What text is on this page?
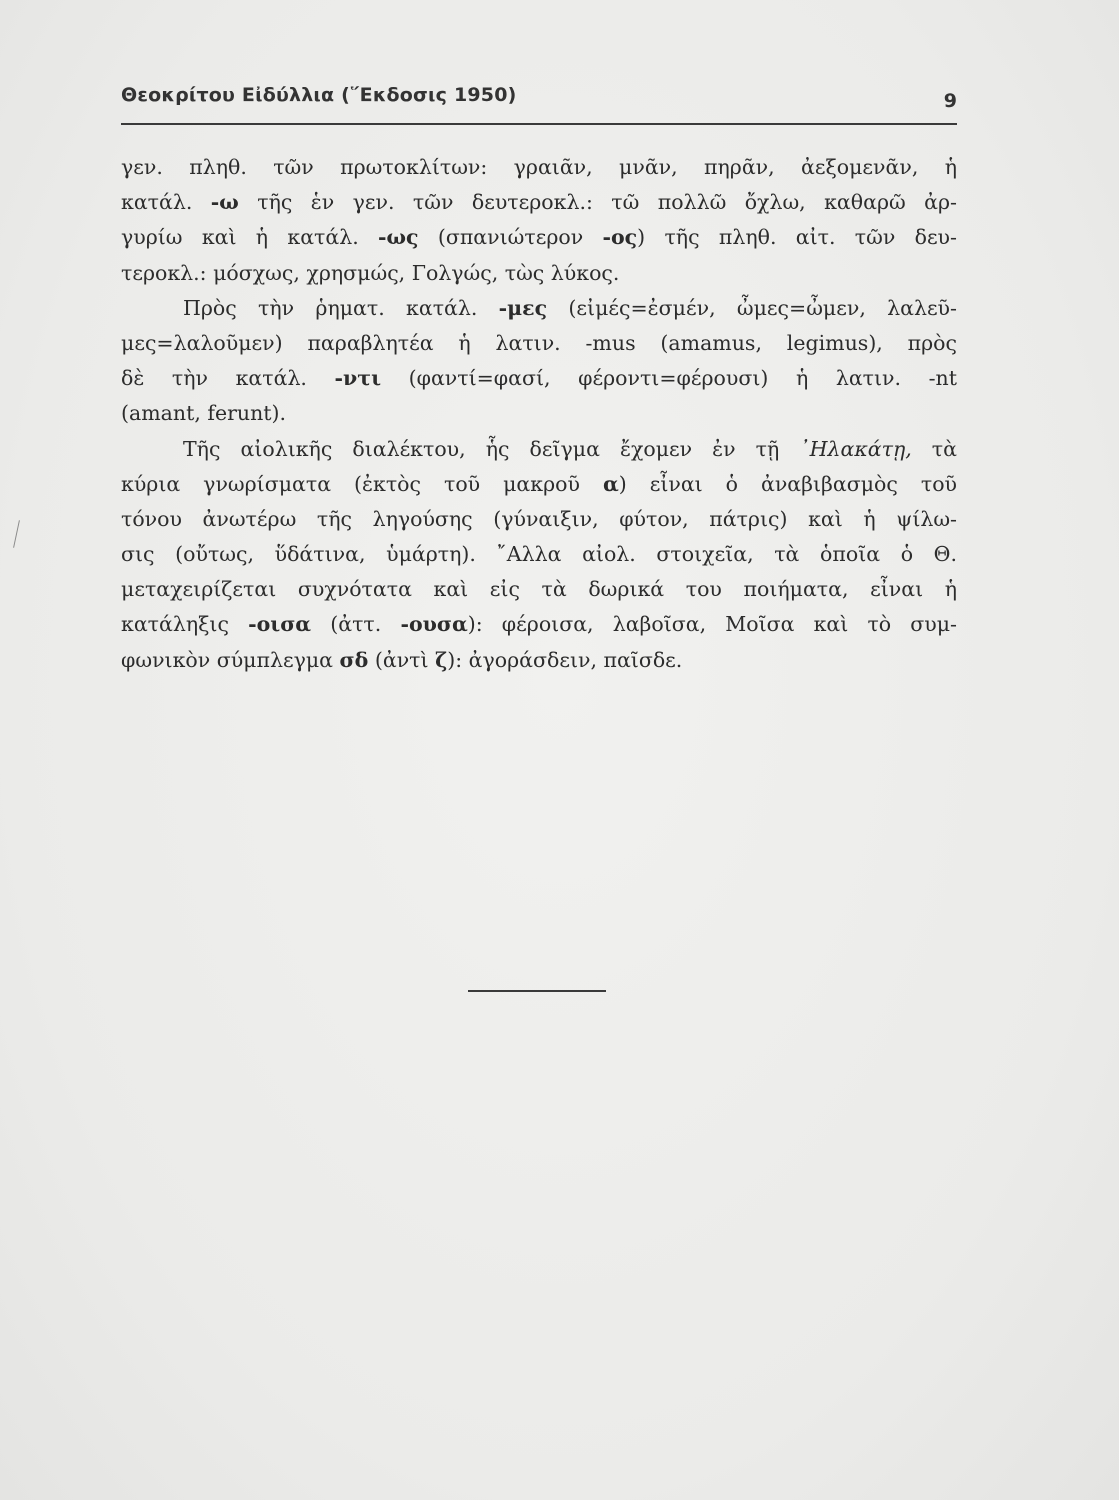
Θεοκρίτου Εἰδύλλια (῞Εκδοσις 1950)	9
γεν. πληθ. τῶν πρωτοκλίτων: γραιᾶν, μνᾶν, πηρᾶν, ἀεξομενᾶν, ἡ
κατάλ. -ω τῆς ἑν γεν. τῶν δευτεροκλ.: τῶ πολλῶ ὄχλω, καθαρῶ ἀρ-
γυρίω καὶ ἡ κατάλ. -ως (σπανιώτερον -ος) τῆς πληθ. αἰτ. τῶν δευ-
τεροκλ.: μόσχως, χρησμώς, Γολγώς, τὼς λύκος.
Πρὸς τὴν ῥηματ. κατάλ. -μες (εἰμές=ἐσμέν, ὦμες=ὦμεν, λαλεῦ-
μες=λαλοῦμεν) παραβλητέα ἡ λατιν. -mus (amamus, legimus), πρὸς
δὲ τὴν κατάλ. -ντι (φαντί=φασί, φέροντι=φέρουσι) ἡ λατιν. -nt
(amant, ferunt).
Τῆς αἰολικῆς διαλέκτου, ἧς δεῖγμα ἔχομεν ἐν τῇ ᾿Ηλακάτῃ, τὰ
κύρια γνωρίσματα (ἐκτὸς τοῦ μακροῦ α) εἶναι ὁ ἀναβιβασμὸς τοῦ
τόνου ἀνωτέρω τῆς ληγούσης (γύναιξιν, φύτον, πάτρις) καὶ ἡ ψίλω-
σις (οὔτως, ὕδάτινα, ὑμάρτη). ῎Αλλα αἰολ. στοιχεῖα, τὰ ὁποῖα ὁ Θ.
μεταχειρίζεται συχνότατα καὶ εἰς τὰ δωρικά του ποιήματα, εἶναι ἡ
κατάληξις -οισα (ἀττ. -ουσα): φέροισα, λαβοῖσα, Μοῖσα καὶ τὸ συμ-
φωνικὸν σύμπλεγμα σδ (ἀντὶ ζ): ἀγοράσδειν, παῖσδε.
